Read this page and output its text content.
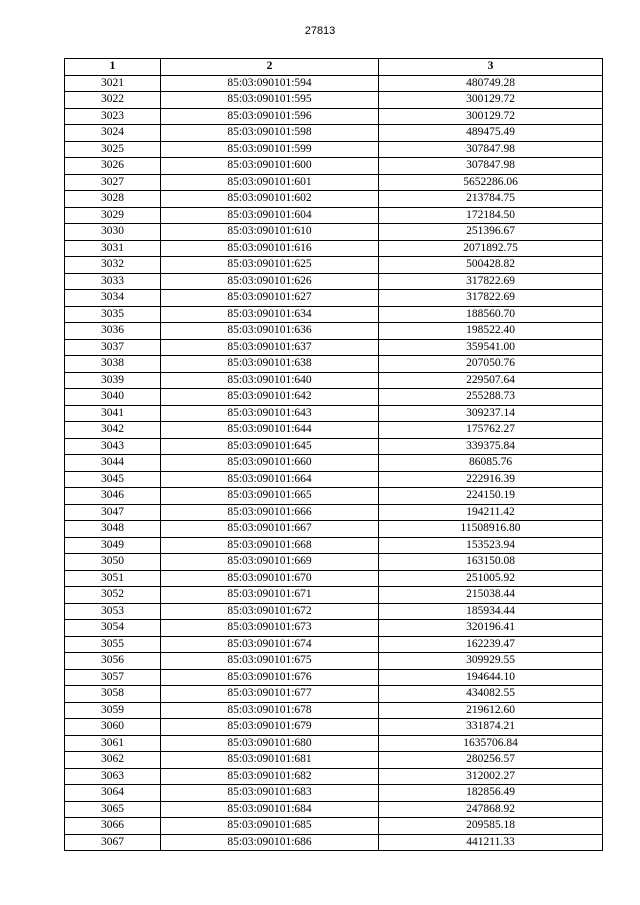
27813
1	2	3
3021	85:03:090101:594	480749.28
3022	85:03:090101:595	300129.72
3023	85:03:090101:596	300129.72
3024	85:03:090101:598	489475.49
3025	85:03:090101:599	307847.98
3026	85:03:090101:600	307847.98
3027	85:03:090101:601	5652286.06
3028	85:03:090101:602	213784.75
3029	85:03:090101:604	172184.50
3030	85:03:090101:610	251396.67
3031	85:03:090101:616	2071892.75
3032	85:03:090101:625	500428.82
3033	85:03:090101:626	317822.69
3034	85:03:090101:627	317822.69
3035	85:03:090101:634	188560.70
3036	85:03:090101:636	198522.40
3037	85:03:090101:637	359541.00
3038	85:03:090101:638	207050.76
3039	85:03:090101:640	229507.64
3040	85:03:090101:642	255288.73
3041	85:03:090101:643	309237.14
3042	85:03:090101:644	175762.27
3043	85:03:090101:645	339375.84
3044	85:03:090101:660	86085.76
3045	85:03:090101:664	222916.39
3046	85:03:090101:665	224150.19
3047	85:03:090101:666	194211.42
3048	85:03:090101:667	11508916.80
3049	85:03:090101:668	153523.94
3050	85:03:090101:669	163150.08
3051	85:03:090101:670	251005.92
3052	85:03:090101:671	215038.44
3053	85:03:090101:672	185934.44
3054	85:03:090101:673	320196.41
3055	85:03:090101:674	162239.47
3056	85:03:090101:675	309929.55
3057	85:03:090101:676	194644.10
3058	85:03:090101:677	434082.55
3059	85:03:090101:678	219612.60
3060	85:03:090101:679	331874.21
3061	85:03:090101:680	1635706.84
3062	85:03:090101:681	280256.57
3063	85:03:090101:682	312002.27
3064	85:03:090101:683	182856.49
3065	85:03:090101:684	247868.92
3066	85:03:090101:685	209585.18
3067	85:03:090101:686	441211.33
